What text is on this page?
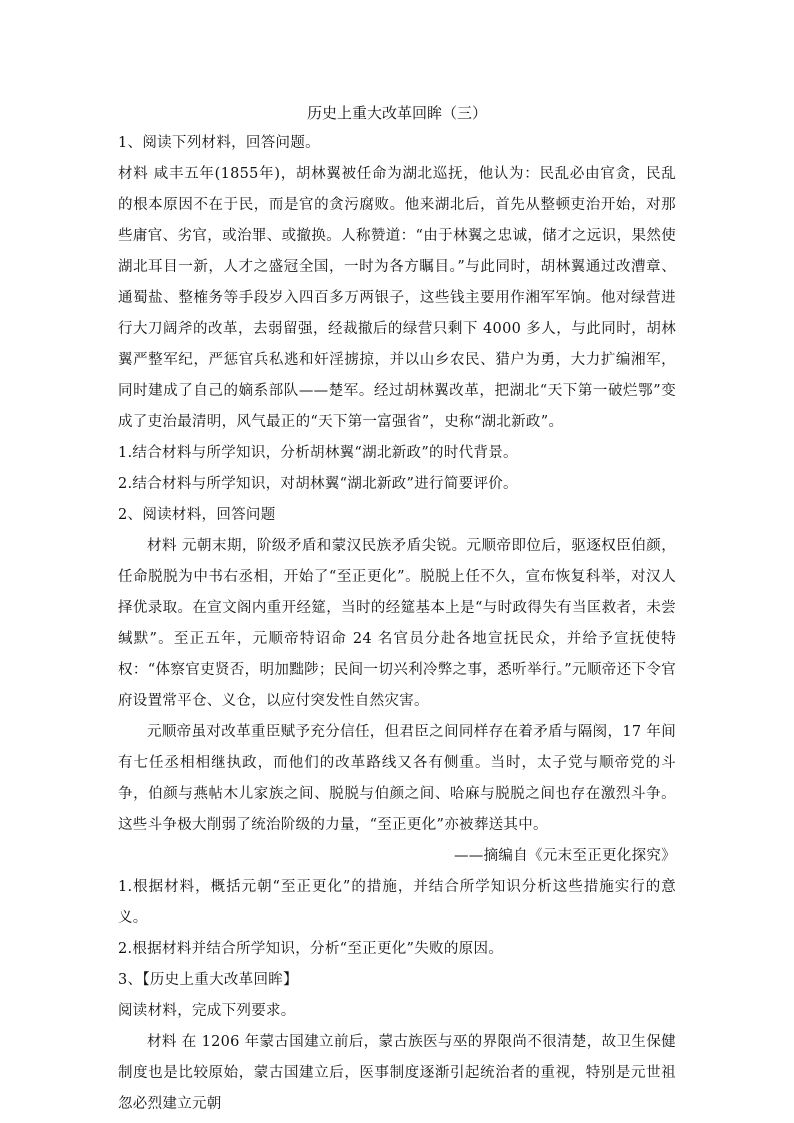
历史上重大改革回眸（三）

1、阅读下列材料，回答问题。

材料 咸丰五年(1855年)，胡林翼被任命为湖北巡抚，他认为：民乱必由官贪，民乱的根本原因不在于民，而是官的贪污腐败。他来湖北后，首先从整顿吏治开始，对那些庸官、劣官，或治罪、或撤换。人称赞道：“由于林翼之忠诚，储才之远识，果然使湖北耳目一新，人才之盛冠全国，一时为各方瞩目。”与此同时，胡林翼通过改漕章、通蜀盐、整榷务等手段岁入四百多万两银子，这些钱主要用作湘军军饷。他对绿营进行大刀阔斧的改革，去弱留强，经裁撤后的绿营只剩下 4000 多人，与此同时，胡林翼严整军纪，严惩官兵私逃和奸淫掳掠，并以山乡农民、猎户为勇，大力扩编湘军，同时建成了自己的嫡系部队——楚军。经过胡林翼改革，把湖北“天下第一破烂鄂”变成了吏治最清明，风气最正的“天下第一富强省”，史称“湖北新政”。

1.结合材料与所学知识，分析胡林翼“湖北新政”的时代背景。

2.结合材料与所学知识，对胡林翼“湖北新政”进行简要评价。

2、阅读材料，回答问题

材料 元朝末期，阶级矛盾和蒙汉民族矛盾尖锐。元顺帝即位后，驱逐权臣伯颜，任命脱脱为中书右丞相，开始了“至正更化”。脱脱上任不久，宣布恢复科举，对汉人择优录取。在宣文阁内重开经筵，当时的经筵基本上是“与时政得失有当匡救者，未尝缄默”。至正五年，元顺帝特诏命 24 名官员分赴各地宣抚民众，并给予宣抚使特权：“体察官吏贤否，明加黜陟；民间一切兴利冷弊之事，悉听举行。”元顺帝还下令官府设置常平仓、义仓，以应付突发性自然灾害。

元顺帝虽对改革重臣赋予充分信任，但君臣之间同样存在着矛盾与隔阂，17 年间有七任丞相相继执政，而他们的改革路线又各有侧重。当时，太子党与顺帝党的斗争，伯颜与燕帖木儿家族之间、脱脱与伯颜之间、哈麻与脱脱之间也存在激烈斗争。这些斗争极大削弱了统治阶级的力量，“至正更化”亦被葬送其中。

——摘编自《元末至正更化探究》

1.根据材料，概括元朝“至正更化”的措施，并结合所学知识分析这些措施实行的意义。

2.根据材料并结合所学知识，分析“至正更化”失败的原因。

3、【历史上重大改革回眸】

阅读材料，完成下列要求。

材料 在 1206 年蒙古国建立前后，蒙古族医与巫的界限尚不很清楚，故卫生保健制度也是比较原始，蒙古国建立后，医事制度逐渐引起统治者的重视，特别是元世祖忽必烈建立元朝
